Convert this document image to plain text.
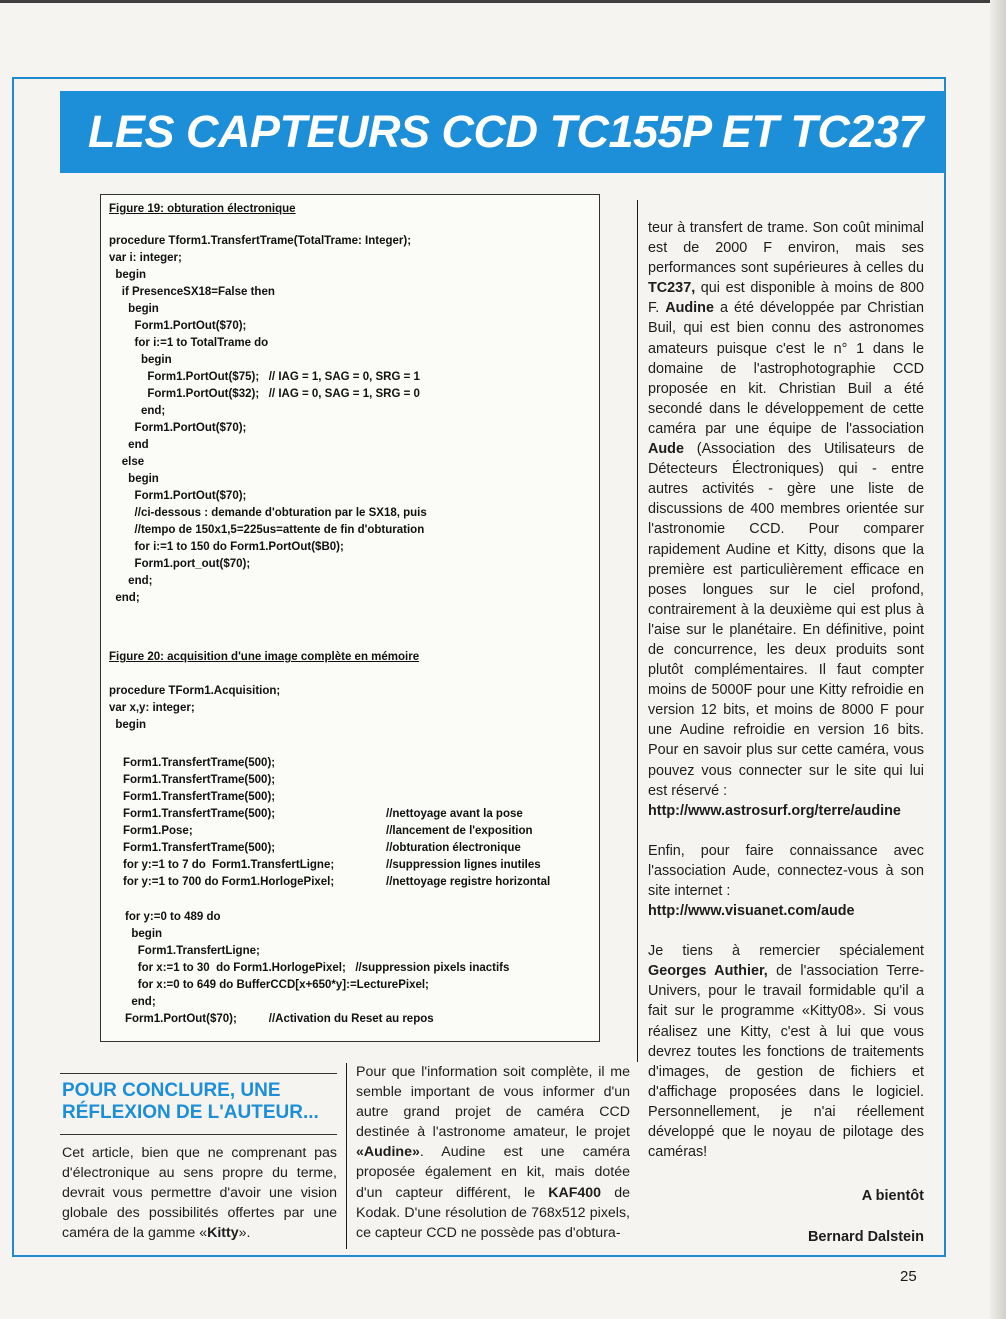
LES CAPTEURS CCD TC155P ET TC237
Figure 19: obturation électronique
procedure Tform1.TransfertTrame(TotalTrame: Integer);
var i: integer;
begin
if PresenceSX18=False then
begin
Form1.PortOut($70);
for i:=1 to TotalTrame do
begin
Form1.PortOut($75);   // IAG = 1, SAG = 0, SRG = 1
Form1.PortOut($32);   // IAG = 0, SAG = 1, SRG = 0
end;
Form1.PortOut($70);
end
else
begin
Form1.PortOut($70);
//ci-dessous : demande d'obturation par le SX18, puis
//tempo de 150x1,5=225us=attente de fin d'obturation
for i:=1 to 150 do Form1.PortOut($B0);
Form1.port_out($70);
end;
end;
Figure 20: acquisition d'une image complète en mémoire
procedure TForm1.Acquisition;
var x,y: integer;
begin
Form1.TransfertTrame(500);
Form1.TransfertTrame(500);
Form1.TransfertTrame(500);
Form1.TransfertTrame(500);
Form1.Pose;
Form1.TransfertTrame(500);
for y:=1 to 7 do  Form1.TransfertLigne;
for y:=1 to 700 do Form1.HorlogePixel;

//nettoyage avant la pose
//lancement de l'exposition
//obturation électronique
//suppression lignes inutiles
//nettoyage registre horizontal
for y:=0 to 489 do
begin
Form1.TransfertLigne;
for x:=1 to 30  do Form1.HorlogePixel;   //suppression pixels inactifs
for x:=0 to 649 do BufferCCD[x+650*y]:=LecturePixel;
end;
Form1.PortOut($70);          //Activation du Reset au repos

teur à transfert de trame. Son coût minimal est de 2000 F environ, mais ses performances sont supérieures à celles du TC237, qui est disponible à moins de 800 F. Audine a été développée par Christian Buil, qui est bien connu des astronomes amateurs puisque c'est le n° 1 dans le domaine de l'astrophotographie CCD proposée en kit. Christian Buil a été secondé dans le développement de cette caméra par une équipe de l'association Aude (Association des Utilisateurs de Détecteurs Électroniques) qui - entre autres activités - gère une liste de discussions de 400 membres orientée sur l'astronomie CCD. Pour comparer rapidement Audine et Kitty, disons que la première est particulièrement efficace en poses longues sur le ciel profond, contrairement à la deuxième qui est plus à l'aise sur le planétaire. En définitive, point de concurrence, les deux produits sont plutôt complémentaires. Il faut compter moins de 5000F pour une Kitty refroidie en version 12 bits, et moins de 8000 F pour une Audine refroidie en version 16 bits. Pour en savoir plus sur cette caméra, vous pouvez vous connecter sur le site qui lui est réservé :
http://www.astrosurf.org/terre/audine

Enfin, pour faire connaissance avec l'association Aude, connectez-vous à son site internet :
http://www.visuanet.com/aude

Je tiens à remercier spécialement Georges Authier, de l'association Terre-Univers, pour le travail formidable qu'il a fait sur le programme «Kitty08». Si vous réalisez une Kitty, c'est à lui que vous devrez toutes les fonctions de traitements d'images, de gestion de fichiers et d'affichage proposées dans le logiciel. Personnellement, je n'ai réellement développé que le noyau de pilotage des caméras!

A bientôt

Bernard Dalstein

POUR CONCLURE, UNE
RÉFLEXION DE L'AUTEUR...
Cet article, bien que ne comprenant pas d'électronique au sens propre du terme, devrait vous permettre d'avoir une vision globale des possibilités offertes par une caméra de la gamme «Kitty».
Pour que l'information soit complète, il me semble important de vous informer d'un autre grand projet de caméra CCD destinée à l'astronome amateur, le projet «Audine». Audine est une caméra proposée également en kit, mais dotée d'un capteur différent, le KAF400 de Kodak. D'une résolution de 768x512 pixels, ce capteur CCD ne possède pas d'obtura-
25
